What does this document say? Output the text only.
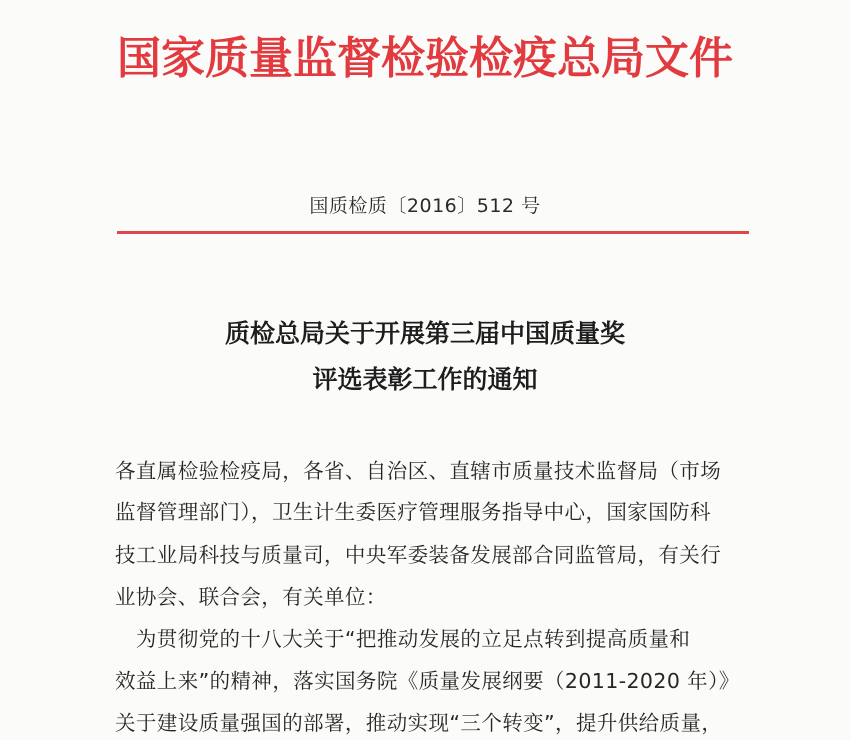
国家质量监督检验检疫总局文件
国质检质〔2016〕512 号
质检总局关于开展第三届中国质量奖
评选表彰工作的通知
各直属检验检疫局，各省、自治区、直辖市质量技术监督局（市场
监督管理部门），卫生计生委医疗管理服务指导中心，国家国防科
技工业局科技与质量司，中央军委装备发展部合同监管局，有关行
业协会、联合会，有关单位：
　为贯彻党的十八大关于“把推动发展的立足点转到提高质量和
效益上来”的精神，落实国务院《质量发展纲要（2011-2020 年）》
关于建设质量强国的部署，推动实现“三个转变”，提升供给质量，
